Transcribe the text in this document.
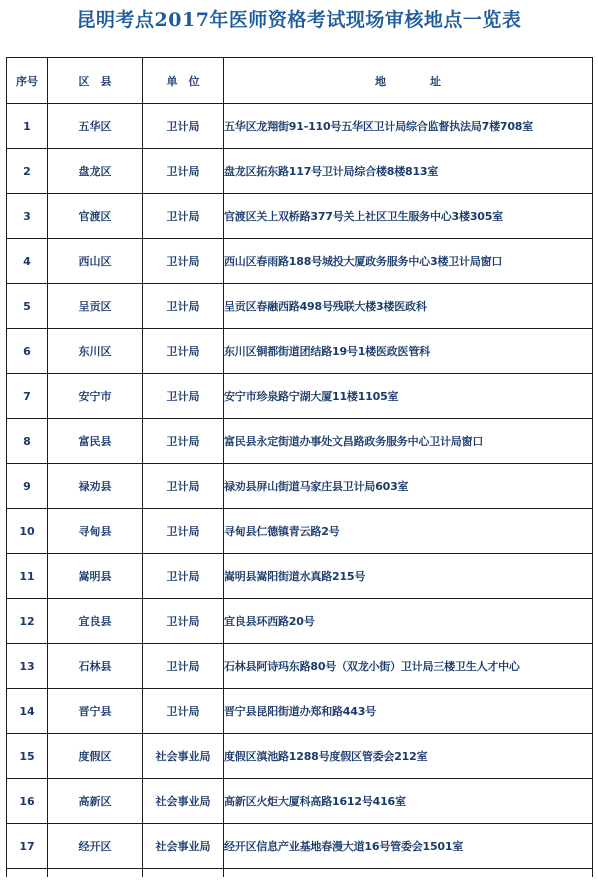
昆明考点2017年医师资格考试现场审核地点一览表
序号	区　县	单　位	地　　　　址
1	五华区	卫计局	五华区龙翔街91-110号五华区卫计局综合监督执法局7楼708室
2	盘龙区	卫计局	盘龙区拓东路117号卫计局综合楼8楼813室
3	官渡区	卫计局	官渡区关上双桥路377号关上社区卫生服务中心3楼305室
4	西山区	卫计局	西山区春雨路188号城投大厦政务服务中心3楼卫计局窗口
5	呈贡区	卫计局	呈贡区春融西路498号残联大楼3楼医政科
6	东川区	卫计局	东川区铜都街道团结路19号1楼医政医管科
7	安宁市	卫计局	安宁市珍泉路宁湖大厦11楼1105室
8	富民县	卫计局	富民县永定街道办事处文昌路政务服务中心卫计局窗口
9	禄劝县	卫计局	禄劝县屏山街道马家庄县卫计局603室
10	寻甸县	卫计局	寻甸县仁德镇青云路2号
11	嵩明县	卫计局	嵩明县嵩阳街道水真路215号
12	宜良县	卫计局	宜良县环西路20号
13	石林县	卫计局	石林县阿诗玛东路80号（双龙小街）卫计局三楼卫生人才中心
14	晋宁县	卫计局	晋宁县昆阳街道办郑和路443号
15	度假区	社会事业局	度假区滇池路1288号度假区管委会212室
16	高新区	社会事业局	高新区火炬大厦科高路1612号416室
17	经开区	社会事业局	经开区信息产业基地春漫大道16号管委会1501室
